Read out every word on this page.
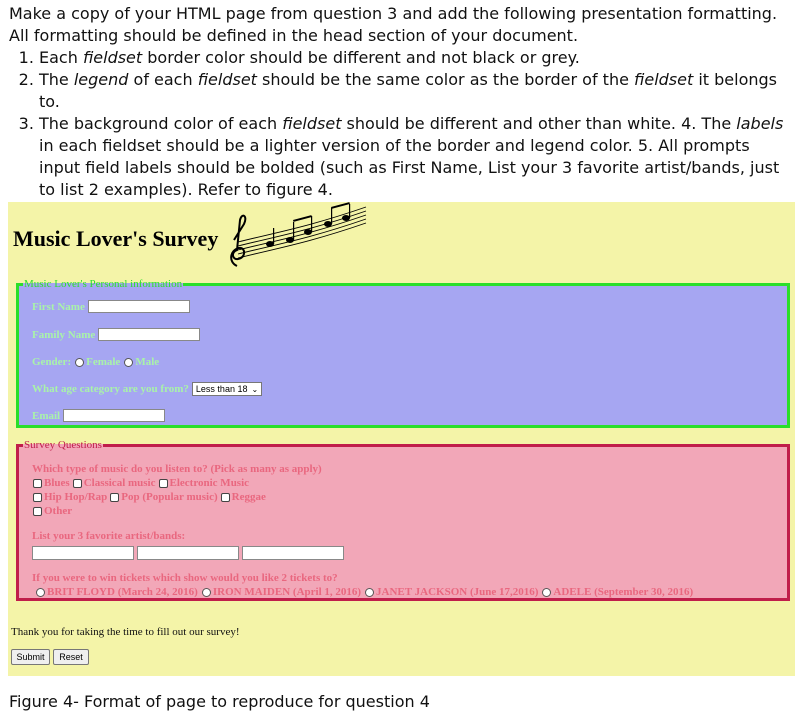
Make a copy of your HTML page from question 3 and add the following presentation formatting. All formatting should be defined in the head section of your document.

1. Each fieldset border color should be different and not black or grey.
2. The legend of each fieldset should be the same color as the border of the fieldset it belongs to.
3. The background color of each fieldset should be different and other than white. 4. The labels in each fieldset should be a lighter version of the border and legend color. 5. All prompts input field labels should be bolded (such as First Name, List your 3 favorite artist/bands, just to list 2 examples). Refer to figure 4.
Music Lover's Survey
Music Lover's Personal information
First Name
Family Name
Gender: Female Male
What age category are you from? Less than 18 ⌄
Email
Survey Questions
Which type of music do you listen to? (Pick as many as apply)
Blues Classical music Electronic Music
Hip Hop/Rap Pop (Popular music) Reggae
Other
List your 3 favorite artist/bands:
If you were to win tickets which show would you like 2 tickets to?
BRIT FLOYD (March 24, 2016) IRON MAIDEN (April 1, 2016) JANET JACKSON (June 17,2016) ADELE (September 30, 2016)
Thank you for taking the time to fill out our survey!
Submit	Reset
Figure 4- Format of page to reproduce for question 4
